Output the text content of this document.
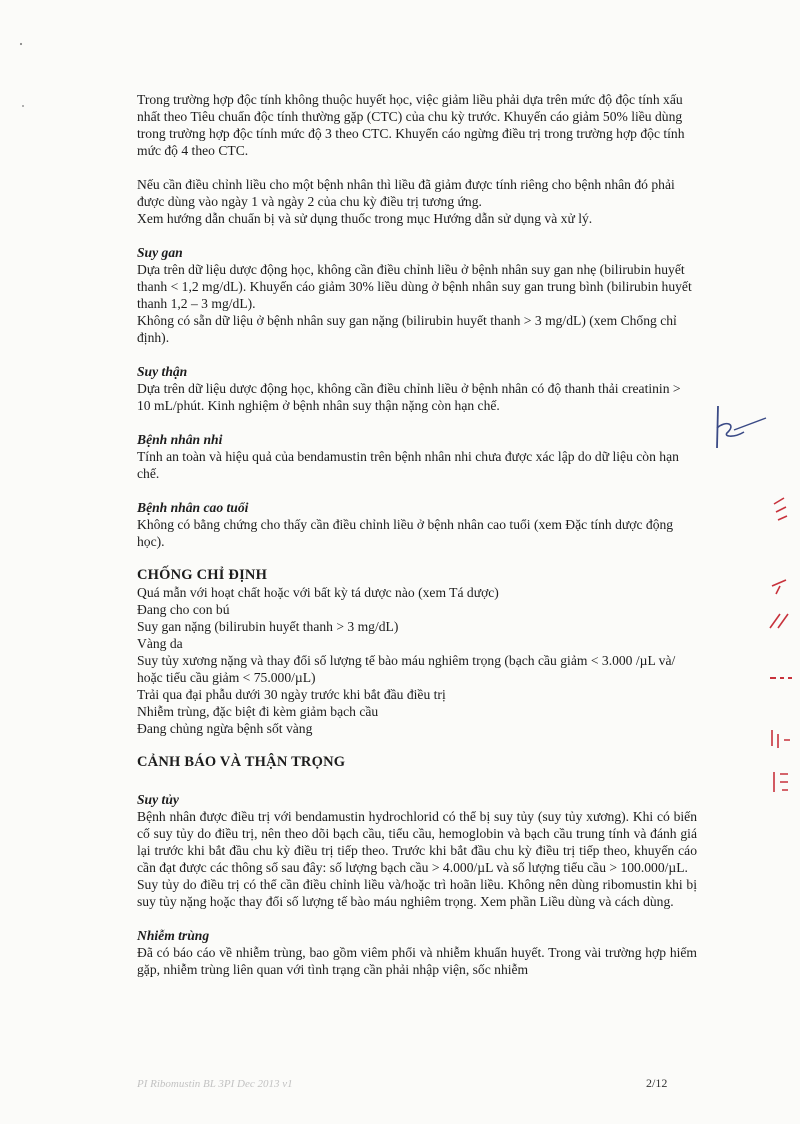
Trong trường hợp độc tính không thuộc huyết học, việc giảm liều phải dựa trên mức độ độc tính xấu nhất theo Tiêu chuẩn độc tính thường gặp (CTC) của chu kỳ trước. Khuyến cáo giảm 50% liều dùng trong trường hợp độc tính mức độ 3 theo CTC. Khuyến cáo ngừng điều trị trong trường hợp độc tính mức độ 4 theo CTC.

Nếu cần điều chỉnh liều cho một bệnh nhân thì liều đã giảm được tính riêng cho bệnh nhân đó phải được dùng vào ngày 1 và ngày 2 của chu kỳ điều trị tương ứng.

Xem hướng dẫn chuẩn bị và sử dụng thuốc trong mục Hướng dẫn sử dụng và xử lý.

Suy gan

Dựa trên dữ liệu dược động học, không cần điều chỉnh liều ở bệnh nhân suy gan nhẹ (bilirubin huyết thanh < 1,2 mg/dL). Khuyến cáo giảm 30% liều dùng ở bệnh nhân suy gan trung bình (bilirubin huyết thanh 1,2 – 3 mg/dL).

Không có sẵn dữ liệu ở bệnh nhân suy gan nặng (bilirubin huyết thanh > 3 mg/dL) (xem Chống chỉ định).

Suy thận

Dựa trên dữ liệu dược động học, không cần điều chỉnh liều ở bệnh nhân có độ thanh thải creatinin > 10 mL/phút. Kinh nghiệm ở bệnh nhân suy thận nặng còn hạn chế.

Bệnh nhân nhi

Tính an toàn và hiệu quả của bendamustin trên bệnh nhân nhi chưa được xác lập do dữ liệu còn hạn chế.

Bệnh nhân cao tuổi

Không có bằng chứng cho thấy cần điều chỉnh liều ở bệnh nhân cao tuổi (xem Đặc tính dược động học).

CHỐNG CHỈ ĐỊNH

Quá mẫn với hoạt chất hoặc với bất kỳ tá dược nào (xem Tá dược)

Đang cho con bú

Suy gan nặng (bilirubin huyết thanh > 3 mg/dL)

Vàng da

Suy tủy xương nặng và thay đổi số lượng tế bào máu nghiêm trọng (bạch cầu giảm < 3.000 /µL và/ hoặc tiểu cầu giảm < 75.000/µL)

Trải qua đại phẫu dưới 30 ngày trước khi bắt đầu điều trị

Nhiễm trùng, đặc biệt đi kèm giảm bạch cầu

Đang chủng ngừa bệnh sốt vàng

CẢNH BÁO VÀ THẬN TRỌNG

Suy tủy

Bệnh nhân được điều trị với bendamustin hydrochlorid có thể bị suy tủy (suy tủy xương). Khi có biến cố suy tủy do điều trị, nên theo dõi bạch cầu, tiểu cầu, hemoglobin và bạch cầu trung tính và đánh giá lại trước khi bắt đầu chu kỳ điều trị tiếp theo. Trước khi bắt đầu chu kỳ điều trị tiếp theo, khuyến cáo cần đạt được các thông số sau đây: số lượng bạch cầu > 4.000/µL và số lượng tiểu cầu > 100.000/µL.

Suy tủy do điều trị có thể cần điều chỉnh liều và/hoặc trì hoãn liều. Không nên dùng ribomustin khi bị suy tủy nặng hoặc thay đổi số lượng tế bào máu nghiêm trọng. Xem phần Liều dùng và cách dùng.

Nhiễm trùng

Đã có báo cáo về nhiễm trùng, bao gồm viêm phổi và nhiễm khuẩn huyết. Trong vài trường hợp hiếm gặp, nhiễm trùng liên quan với tình trạng cần phải nhập viện, sốc nhiễm

PI Ribomustin BL 3PI Dec 2013 v1	2/12
